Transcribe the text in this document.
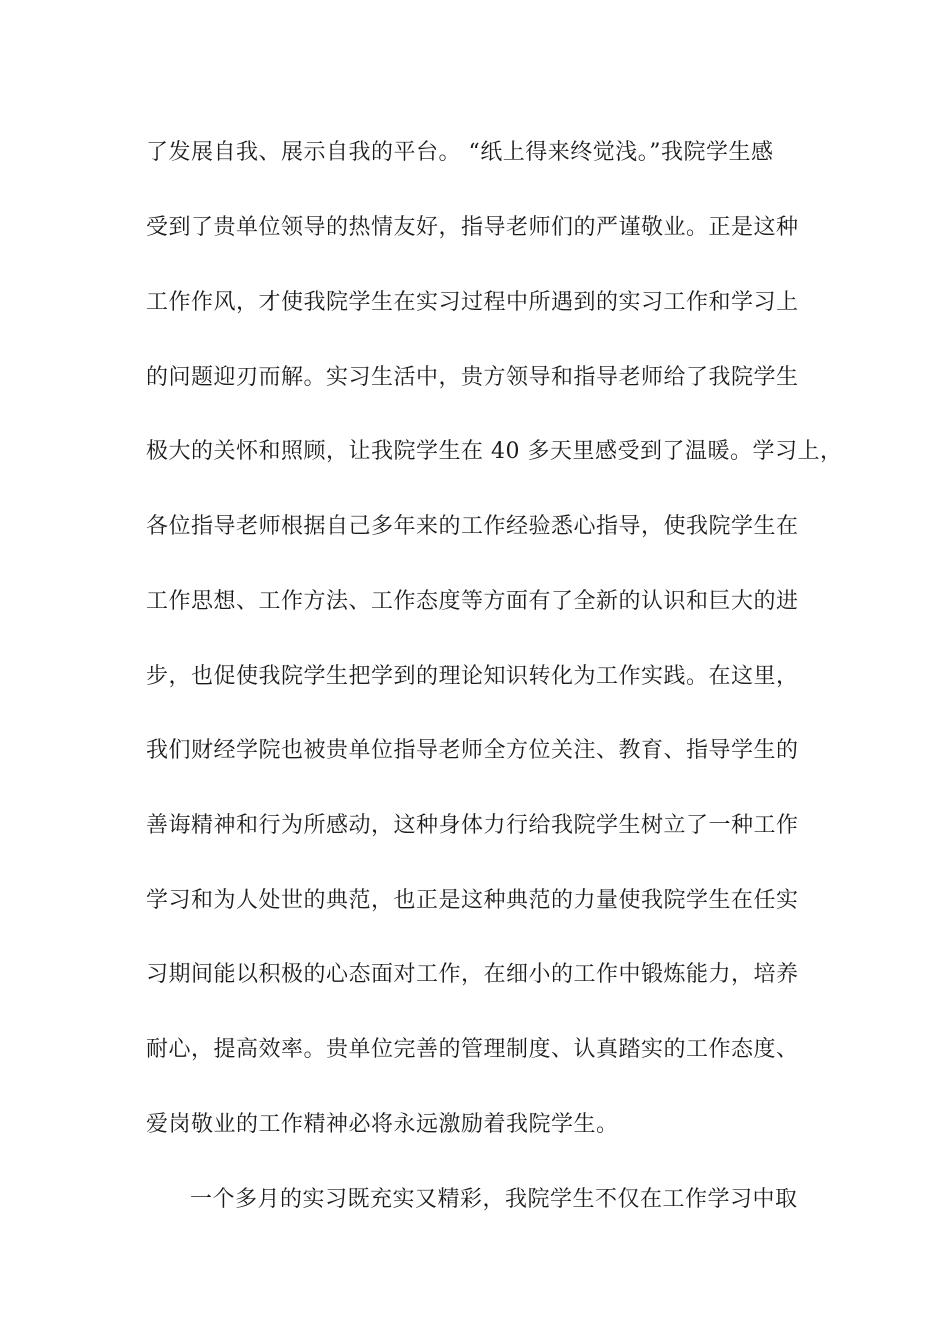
了发展自我、展示自我的平台。 “纸上得来终觉浅。”我院学生感
受到了贵单位领导的热情友好，指导老师们的严谨敬业。正是这种
工作作风，才使我院学生在实习过程中所遇到的实习工作和学习上
的问题迎刃而解。实习生活中，贵方领导和指导老师给了我院学生
极大的关怀和照顾，让我院学生在 40 多天里感受到了温暖。学习上，
各位指导老师根据自己多年来的工作经验悉心指导，使我院学生在
工作思想、工作方法、工作态度等方面有了全新的认识和巨大的进
步，也促使我院学生把学到的理论知识转化为工作实践。在这里，
我们财经学院也被贵单位指导老师全方位关注、教育、指导学生的
善诲精神和行为所感动，这种身体力行给我院学生树立了一种工作
学习和为人处世的典范，也正是这种典范的力量使我院学生在任实
习期间能以积极的心态面对工作，在细小的工作中锻炼能力，培养
耐心，提高效率。贵单位完善的管理制度、认真踏实的工作态度、
爱岗敬业的工作精神必将永远激励着我院学生。
一个多月的实习既充实又精彩，我院学生不仅在工作学习中取
